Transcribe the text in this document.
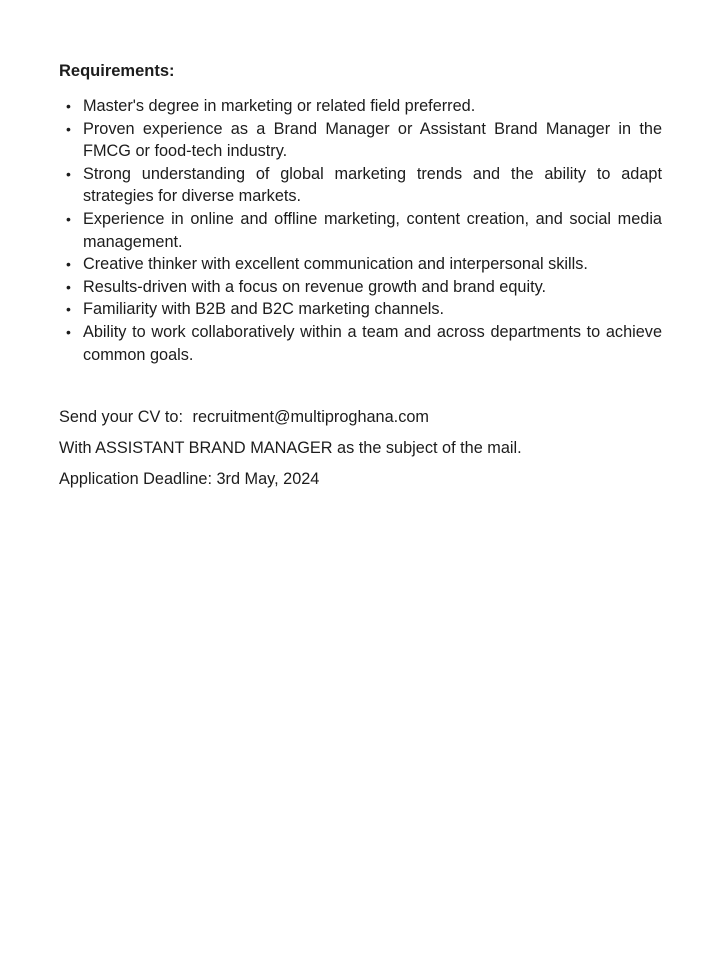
Requirements:
• Master's degree in marketing or related field preferred.
• Proven experience as a Brand Manager or Assistant Brand Manager in the FMCG or food-tech industry.
• Strong understanding of global marketing trends and the ability to adapt strategies for diverse markets.
• Experience in online and offline marketing, content creation, and social media management.
• Creative thinker with excellent communication and interpersonal skills.
• Results-driven with a focus on revenue growth and brand equity.
• Familiarity with B2B and B2C marketing channels.
• Ability to work collaboratively within a team and across departments to achieve common goals.

Send your CV to: recruitment@multiproghana.com

With ASSISTANT BRAND MANAGER as the subject of the mail.

Application Deadline: 3rd May, 2024
